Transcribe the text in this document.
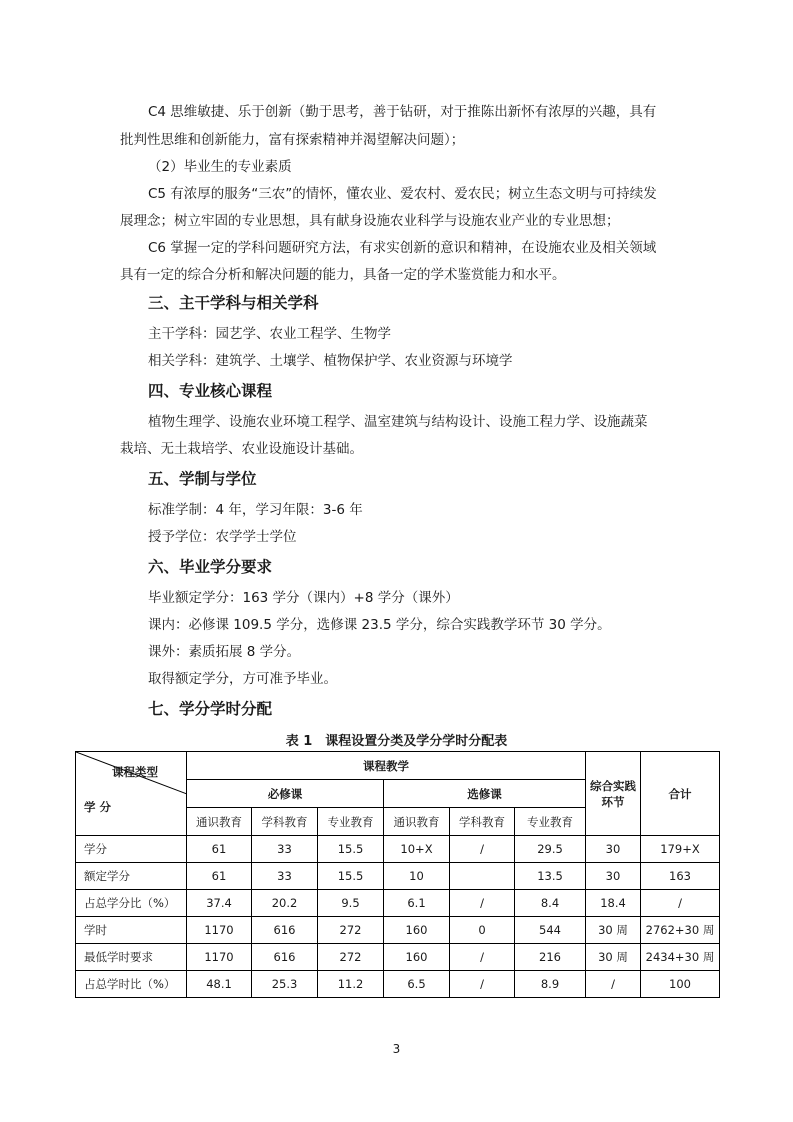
C4 思维敏捷、乐于创新（勤于思考，善于钻研，对于推陈出新怀有浓厚的兴趣，具有
批判性思维和创新能力，富有探索精神并渴望解决问题）；
（2）毕业生的专业素质
C5 有浓厚的服务“三农”的情怀，懂农业、爱农村、爱农民；树立生态文明与可持续发
展理念；树立牢固的专业思想，具有献身设施农业科学与设施农业产业的专业思想；
C6 掌握一定的学科问题研究方法，有求实创新的意识和精神，在设施农业及相关领域
具有一定的综合分析和解决问题的能力，具备一定的学术鉴赏能力和水平。
三、主干学科与相关学科
主干学科：园艺学、农业工程学、生物学
相关学科：建筑学、土壤学、植物保护学、农业资源与环境学
四、专业核心课程
植物生理学、设施农业环境工程学、温室建筑与结构设计、设施工程力学、设施蔬菜
栽培、无土栽培学、农业设施设计基础。
五、学制与学位
标准学制：4 年，学习年限：3-6 年
授予学位：农学学士学位
六、毕业学分要求
毕业额定学分：163 学分（课内）+8 学分（课外）
课内：必修课 109.5 学分，选修课 23.5 学分，综合实践教学环节 30 学分。
课外：素质拓展 8 学分。
取得额定学分，方可准予毕业。
七、学分学时分配
表 1　课程设置分类及学分学时分配表
课程类型
学 分	课程教学						综合实践环节	合计
	必修课			选修课				
	通识教育	学科教育	专业教育	通识教育	学科教育	专业教育		
学分	61	33	15.5	10+X	/	29.5	30	179+X
额定学分	61	33	15.5	10		13.5	30	163
占总学分比（%）	37.4	20.2	9.5	6.1	/	8.4	18.4	/
学时	1170	616	272	160	0	544	30 周	2762+30 周
最低学时要求	1170	616	272	160	/	216	30 周	2434+30 周
占总学时比（%）	48.1	25.3	11.2	6.5	/	8.9	/	100
3
